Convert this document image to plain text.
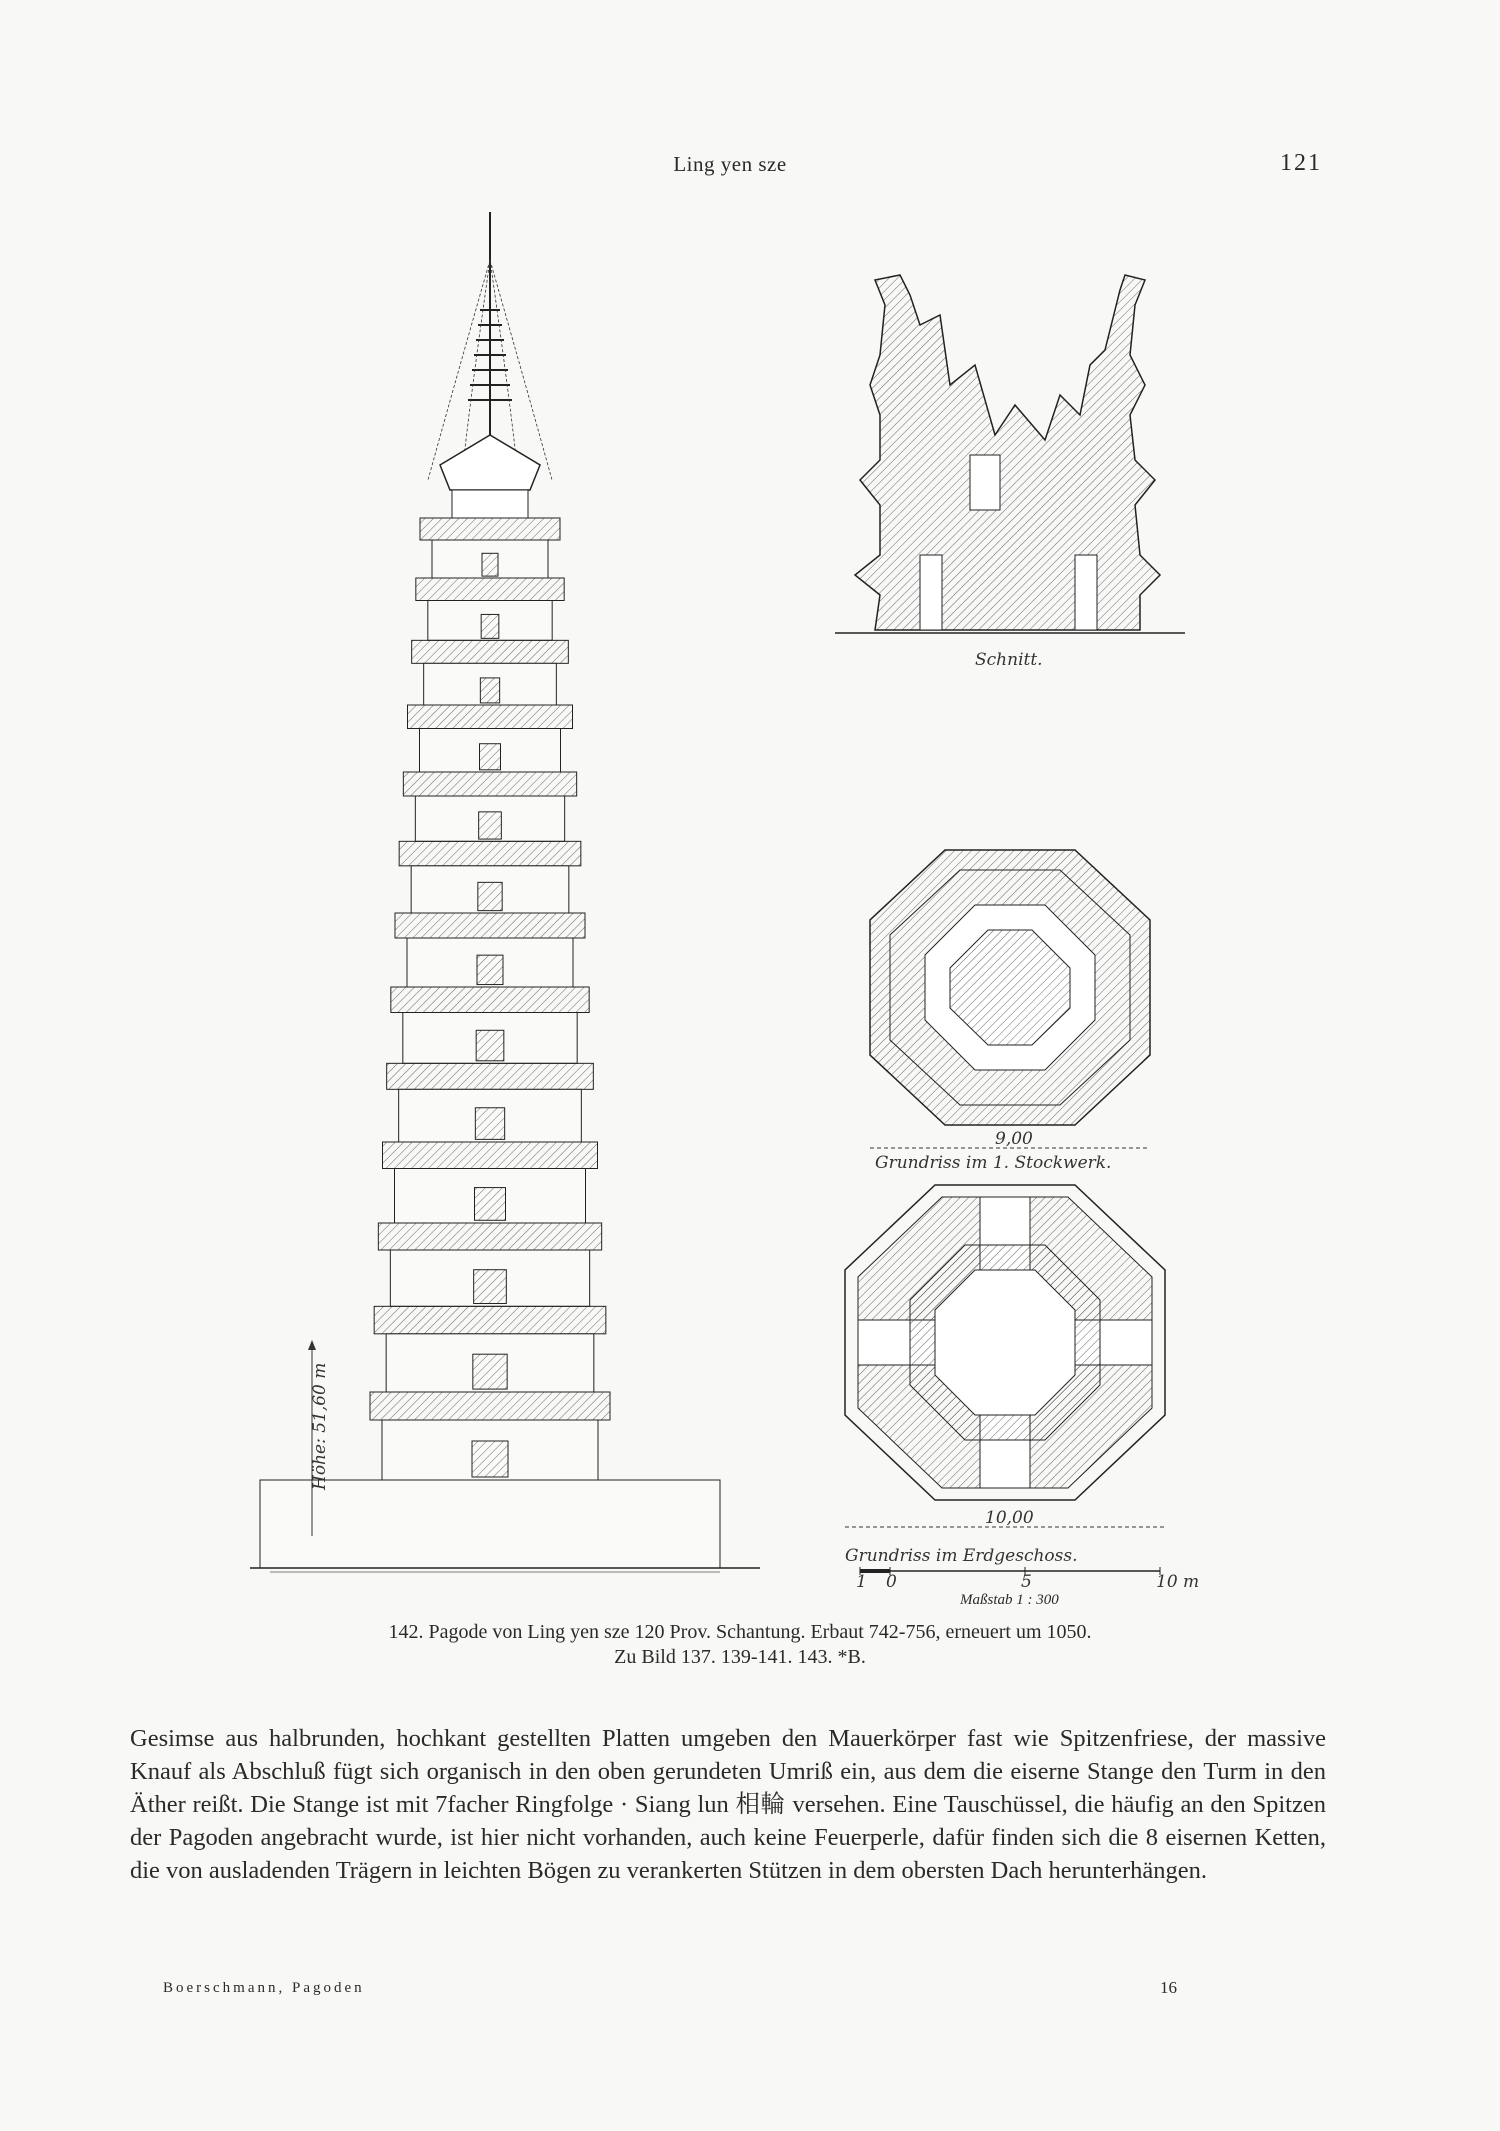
Ling yen sze	121
Höhe: 51,60 m
Schnitt.
9,00
Grundriss im 1. Stockwerk.
10,00
Grundriss im Erdgeschoss.
1 0	5	10 m
Maßstab 1 : 300
142. Pagode von Ling yen sze 120 Prov. Schantung. Erbaut 742-756, erneuert um 1050.
Zu Bild 137. 139-141. 143. *B.
Gesimse aus halbrunden, hochkant gestellten Platten umgeben den Mauerkörper fast wie Spitzenfriese, der massive Knauf als Abschluß fügt sich organisch in den oben gerundeten Umriß ein, aus dem die eiserne Stange den Turm in den Äther reißt. Die Stange ist mit 7facher Ringfolge · Siang lun 相輪 versehen. Eine Tauschüssel, die häufig an den Spitzen der Pagoden angebracht wurde, ist hier nicht vorhanden, auch keine Feuerperle, dafür finden sich die 8 eisernen Ketten, die von ausladenden Trägern in leichten Bögen zu verankerten Stützen in dem obersten Dach herunterhängen.
Boerschmann, Pagoden	16
